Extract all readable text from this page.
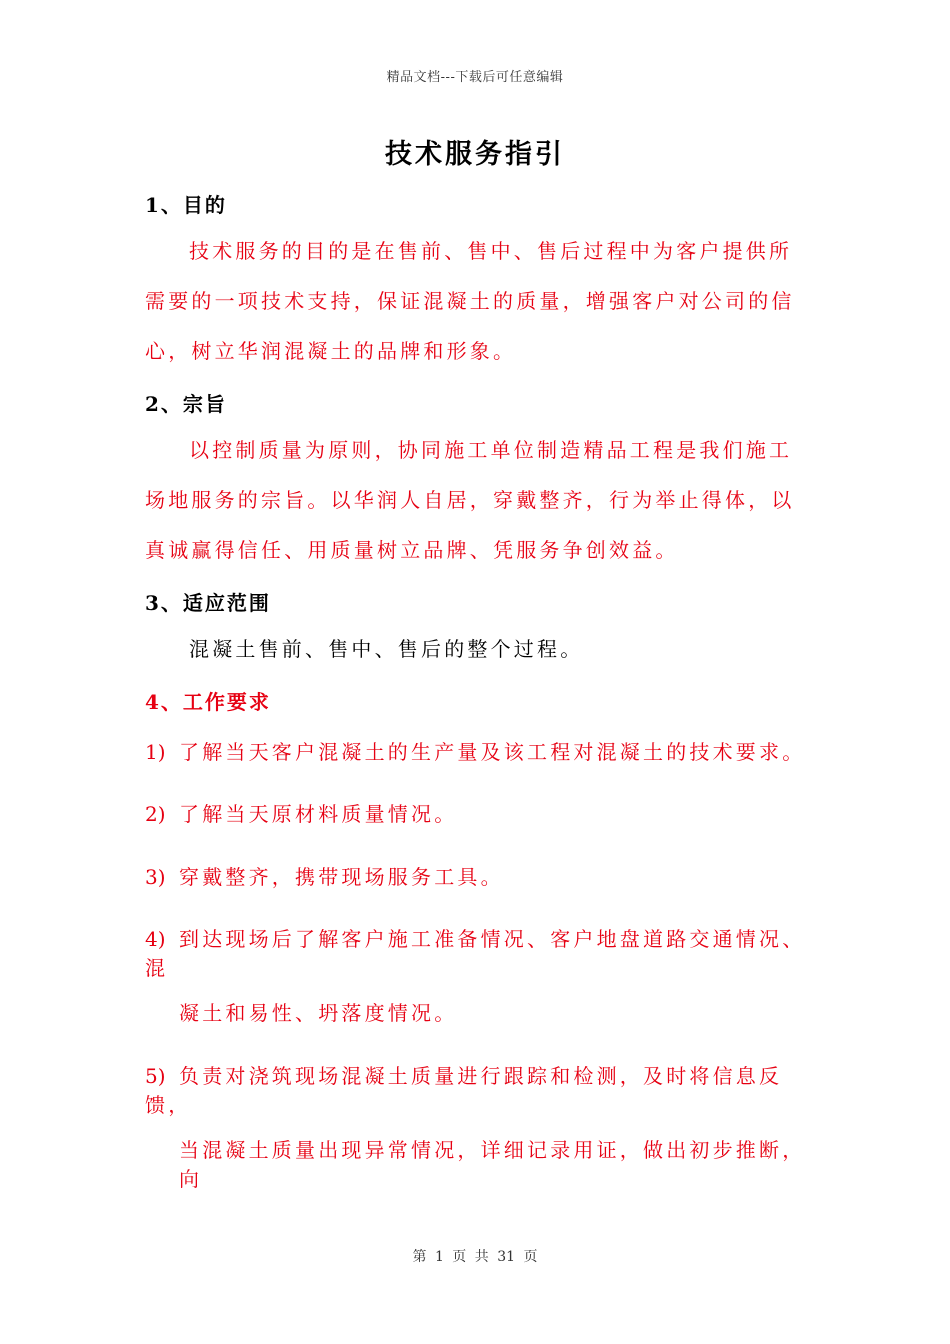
精品文档---下载后可任意编辑
技术服务指引
1、目的

技术服务的目的是在售前、售中、售后过程中为客户提供所需要的一项技术支持，保证混凝土的质量，增强客户对公司的信心，树立华润混凝土的品牌和形象。

2、宗旨

以控制质量为原则，协同施工单位制造精品工程是我们施工场地服务的宗旨。以华润人自居，穿戴整齐，行为举止得体，以真诚赢得信任、用质量树立品牌、凭服务争创效益。

3、适应范围

混凝土售前、售中、售后的整个过程。

4、工作要求
1) 了解当天客户混凝土的生产量及该工程对混凝土的技术要求。
2) 了解当天原材料质量情况。
3) 穿戴整齐，携带现场服务工具。
4) 到达现场后了解客户施工准备情况、客户地盘道路交通情况、混
凝土和易性、坍落度情况。
5) 负责对浇筑现场混凝土质量进行跟踪和检测，及时将信息反馈，
当混凝土质量出现异常情况，详细记录用证，做出初步推断，向
第 1 页 共 31 页
